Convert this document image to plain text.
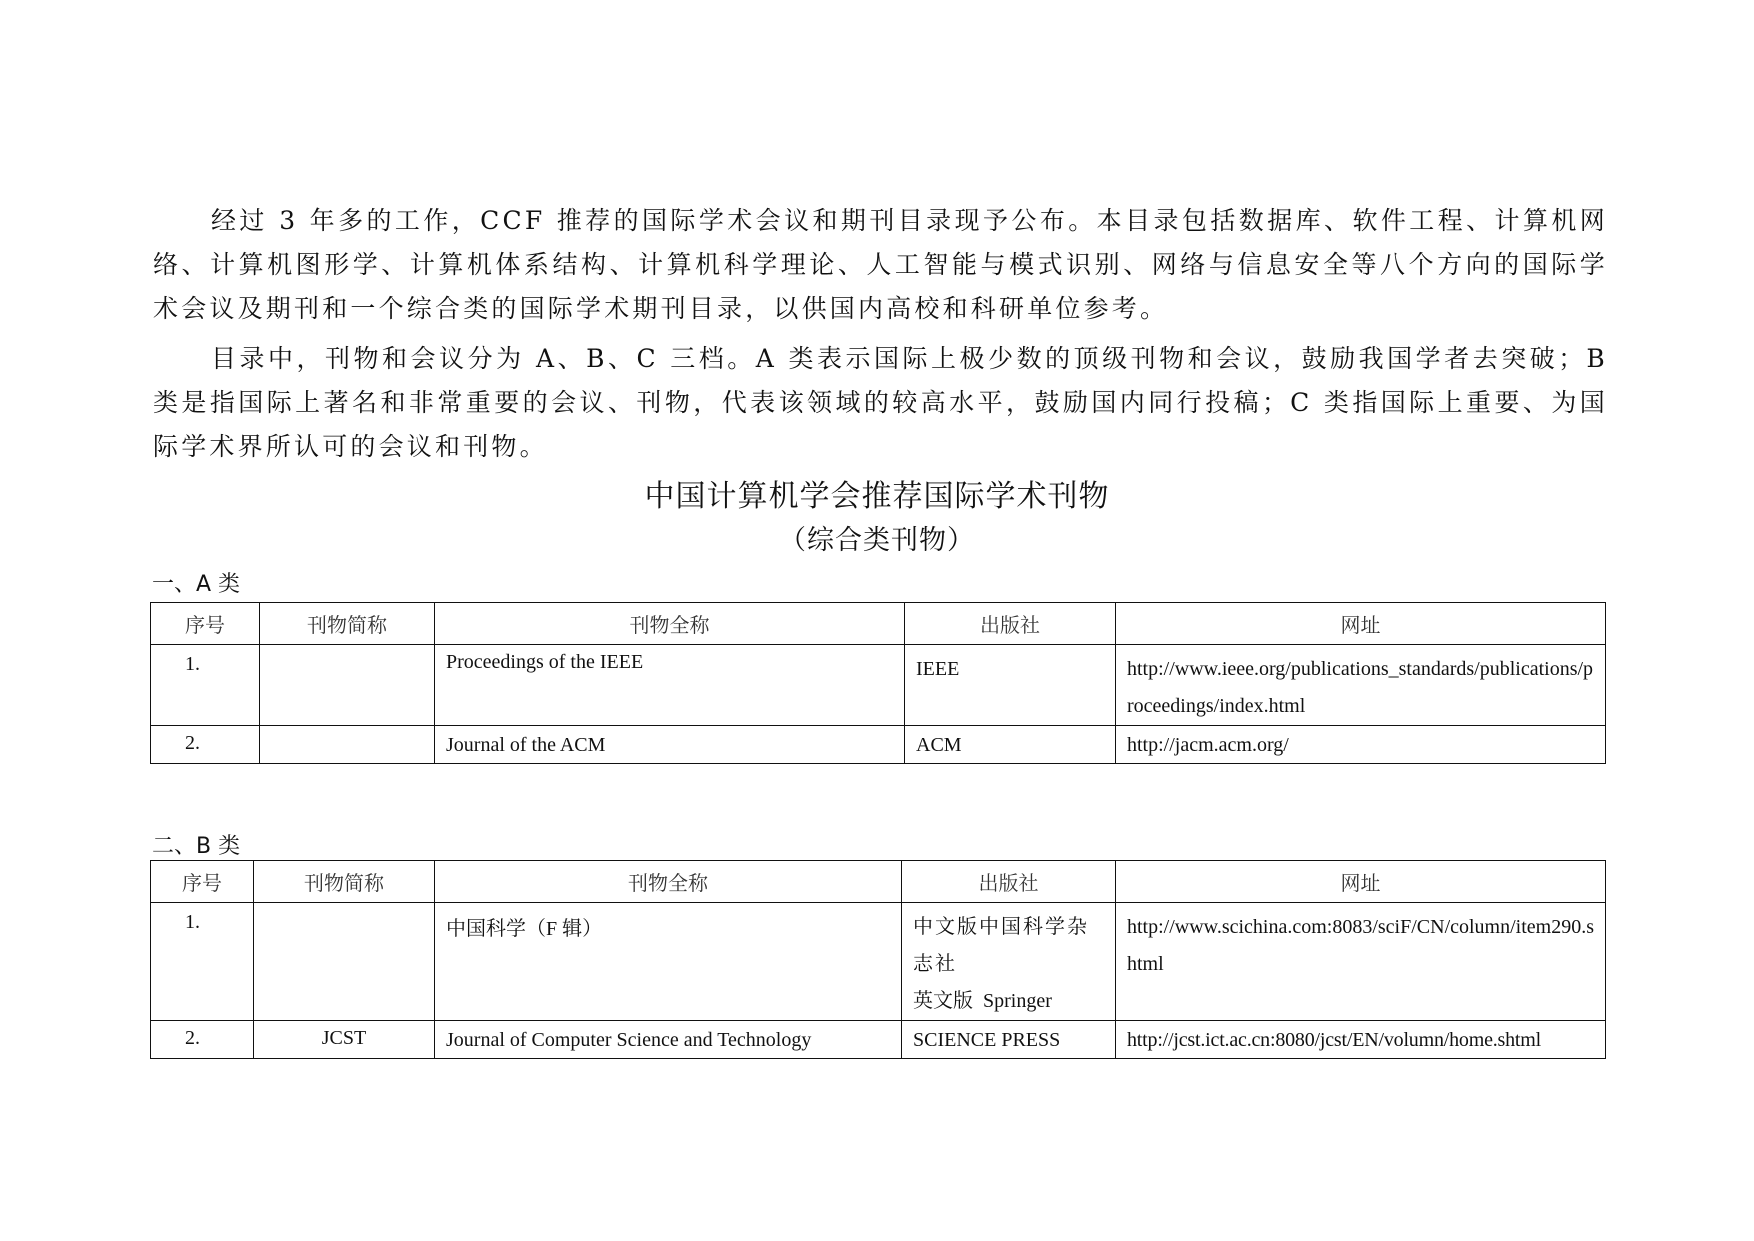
经过 3 年多的工作，CCF 推荐的国际学术会议和期刊目录现予公布。本目录包括数据库、软件工程、计算机网络、计算机图形学、计算机体系结构、计算机科学理论、人工智能与模式识别、网络与信息安全等八个方向的国际学术会议及期刊和一个综合类的国际学术期刊目录，以供国内高校和科研单位参考。

目录中，刊物和会议分为 A、B、C 三档。A 类表示国际上极少数的顶级刊物和会议，鼓励我国学者去突破；B 类是指国际上著名和非常重要的会议、刊物，代表该领域的较高水平，鼓励国内同行投稿；C 类指国际上重要、为国际学术界所认可的会议和刊物。

中国计算机学会推荐国际学术刊物
（综合类刊物）
一、A 类
序号	刊物简称	刊物全称	出版社	网址
1.		Proceedings of the IEEE	IEEE	http://www.ieee.org/publications_standards/publications/proceedings/index.html
2.		Journal of the ACM	ACM	http://jacm.acm.org/
二、B 类
序号	刊物简称	刊物全称	出版社	网址
1.		中国科学（F 辑）	中文版中国科学杂志社
英文版  Springer	http://www.scichina.com:8083/sciF/CN/column/item290.shtml
2.	JCST	Journal of Computer Science and Technology	SCIENCE PRESS	http://jcst.ict.ac.cn:8080/jcst/EN/volumn/home.shtml
